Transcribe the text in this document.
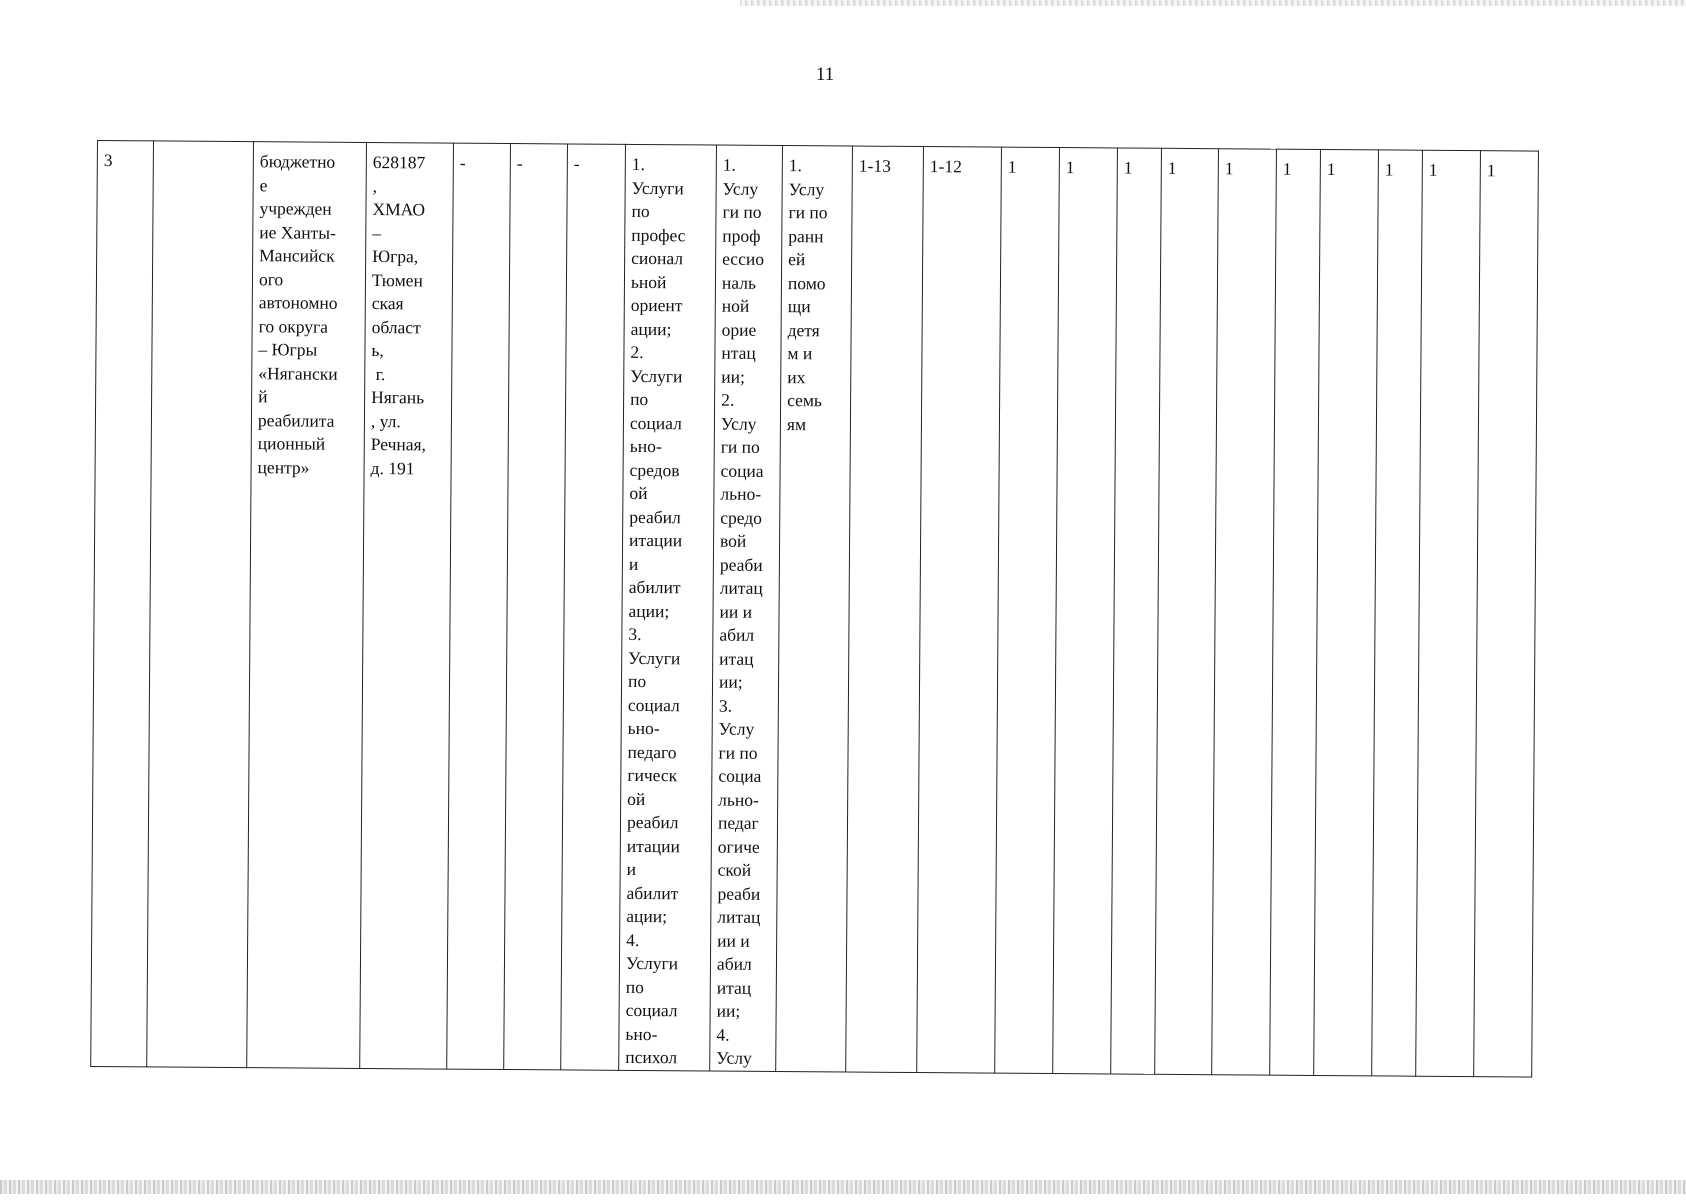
11
3		бюджетно
е
учрежден
ие Ханты-
Мансийск
ого
автономно
го округа
– Югры
«Няганcки
й
реабилита
ционный
центр»

628187
,
ХМАО
–
Югра,
Тюмен
ская
област
ь,
г.
Нягань
, ул.
Речная,
д. 191
	-	-	-	1.
Услуги
по
профес
сионал
ьной
ориент
ации;
2.
Услуги
по
социал
ьно-
средов
ой
реабил
итации
и
абилит
ации;
3.
Услуги
по
социал
ьно-
педаго
гическ
ой
реабил
итации
и
абилит
ации;
4.
Услуги
по
социал
ьно-
психол

1.
Услу
ги по
проф
ессио
наль
ной
орие
нтац
ии;
2.
Услу
ги по
социа
льно-
средо
вой
реаби
литац
ии и
абил
итац
ии;
3.
Услу
ги по
социа
льно-
педаг
огиче
ской
реаби
литац
ии и
абил
итац
ии;
4.
Услу

1.
Услу
ги по
ранн
ей
помо
щи
детя
м и
их
семь
ям
	1-13	1-12	1	1	1	1	1	1	1	1	1	1
